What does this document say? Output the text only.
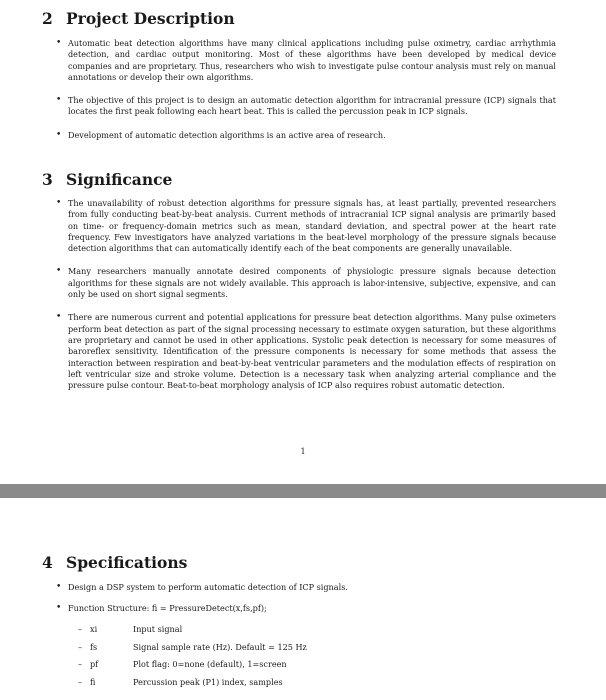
2 Project Description
• Automatic beat detection algorithms have many clinical applications including pulse oximetry, cardiac arrhythmia detection, and cardiac output monitoring. Most of these algorithms have been developed by medical device companies and are proprietary. Thus, researchers who wish to investigate pulse contour analysis must rely on manual annotations or develop their own algorithms.
• The objective of this project is to design an automatic detection algorithm for intracranial pressure (ICP) signals that locates the first peak following each heart beat. This is called the percussion peak in ICP signals.
• Development of automatic detection algorithms is an active area of research.
3 Significance
• The unavailability of robust detection algorithms for pressure signals has, at least partially, prevented researchers from fully conducting beat-by-beat analysis. Current methods of intracranial ICP signal analysis are primarily based on time- or frequency-domain metrics such as mean, standard deviation, and spectral power at the heart rate frequency. Few investigators have analyzed variations in the beat-level morphology of the pressure signals because detection algorithms that can automatically identify each of the beat components are generally unavailable.
• Many researchers manually annotate desired components of physiologic pressure signals because detection algorithms for these signals are not widely available. This approach is labor-intensive, subjective, expensive, and can only be used on short signal segments.
• There are numerous current and potential applications for pressure beat detection algorithms. Many pulse oximeters perform beat detection as part of the signal processing necessary to estimate oxygen saturation, but these algorithms are proprietary and cannot be used in other applications. Systolic peak detection is necessary for some measures of baroreflex sensitivity. Identification of the pressure components is necessary for some methods that assess the interaction between respiration and beat-by-beat ventricular parameters and the modulation effects of respiration on left ventricular size and stroke volume. Detection is a necessary task when analyzing arterial compliance and the pressure pulse contour. Beat-to-beat morphology analysis of ICP also requires robust automatic detection.
1
4 Specifications
• Design a DSP system to perform automatic detection of ICP signals.
• Function Structure: fi = PressureDetect(x,fs,pf);
– xi	Input signal
– fs	Signal sample rate (Hz). Default = 125 Hz
– pf	Plot flag: 0=none (default), 1=screen
– fi	Percussion peak (P1) index, samples
